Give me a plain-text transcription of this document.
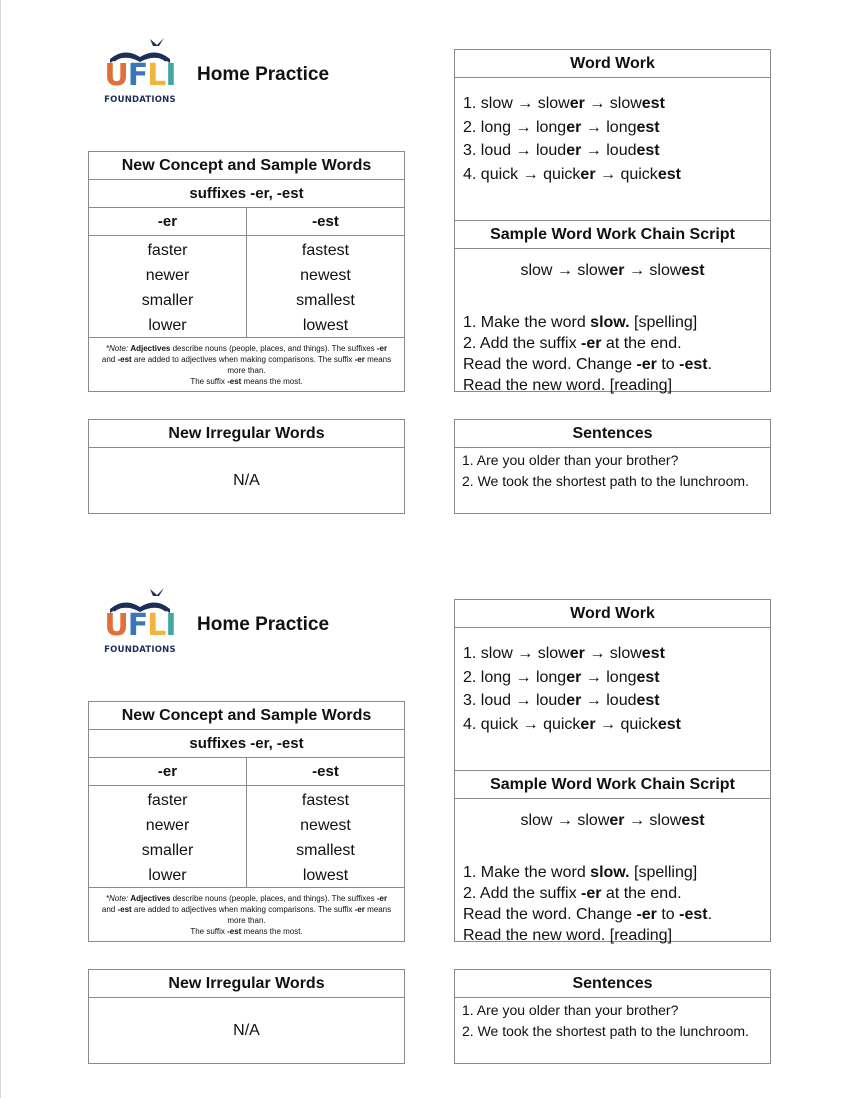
UFLI
FOUNDATIONS
Home Practice
New Concept and Sample Words
suffixes -er, -est
-er	-est
faster
newer
smaller
lower
fastest
newest
smallest
lowest
*Note: Adjectives describe nouns (people, places, and things). The suffixes -er and -est are added to adjectives when making comparisons. The suffix -er means more than.
The suffix -est means the most.
New Irregular Words
N/A
Word Work
1. slow → slower → slowest
2. long → longer → longest
3. loud → louder → loudest
4. quick → quicker → quickest
Sample Word Work Chain Script
slow → slower → slowest
1. Make the word slow. [spelling]
2. Add the suffix -er at the end.
Read the word. Change -er to -est.
Read the new word. [reading]
Sentences
1. Are you older than your brother?
2. We took the shortest path to the lunchroom.
UFLI
FOUNDATIONS
Home Practice
New Concept and Sample Words
suffixes -er, -est
-er	-est
faster
newer
smaller
lower
fastest
newest
smallest
lowest
*Note: Adjectives describe nouns (people, places, and things). The suffixes -er and -est are added to adjectives when making comparisons. The suffix -er means more than.
The suffix -est means the most.
New Irregular Words
N/A
Word Work
1. slow → slower → slowest
2. long → longer → longest
3. loud → louder → loudest
4. quick → quicker → quickest
Sample Word Work Chain Script
slow → slower → slowest
1. Make the word slow. [spelling]
2. Add the suffix -er at the end.
Read the word. Change -er to -est.
Read the new word. [reading]
Sentences
1. Are you older than your brother?
2. We took the shortest path to the lunchroom.
